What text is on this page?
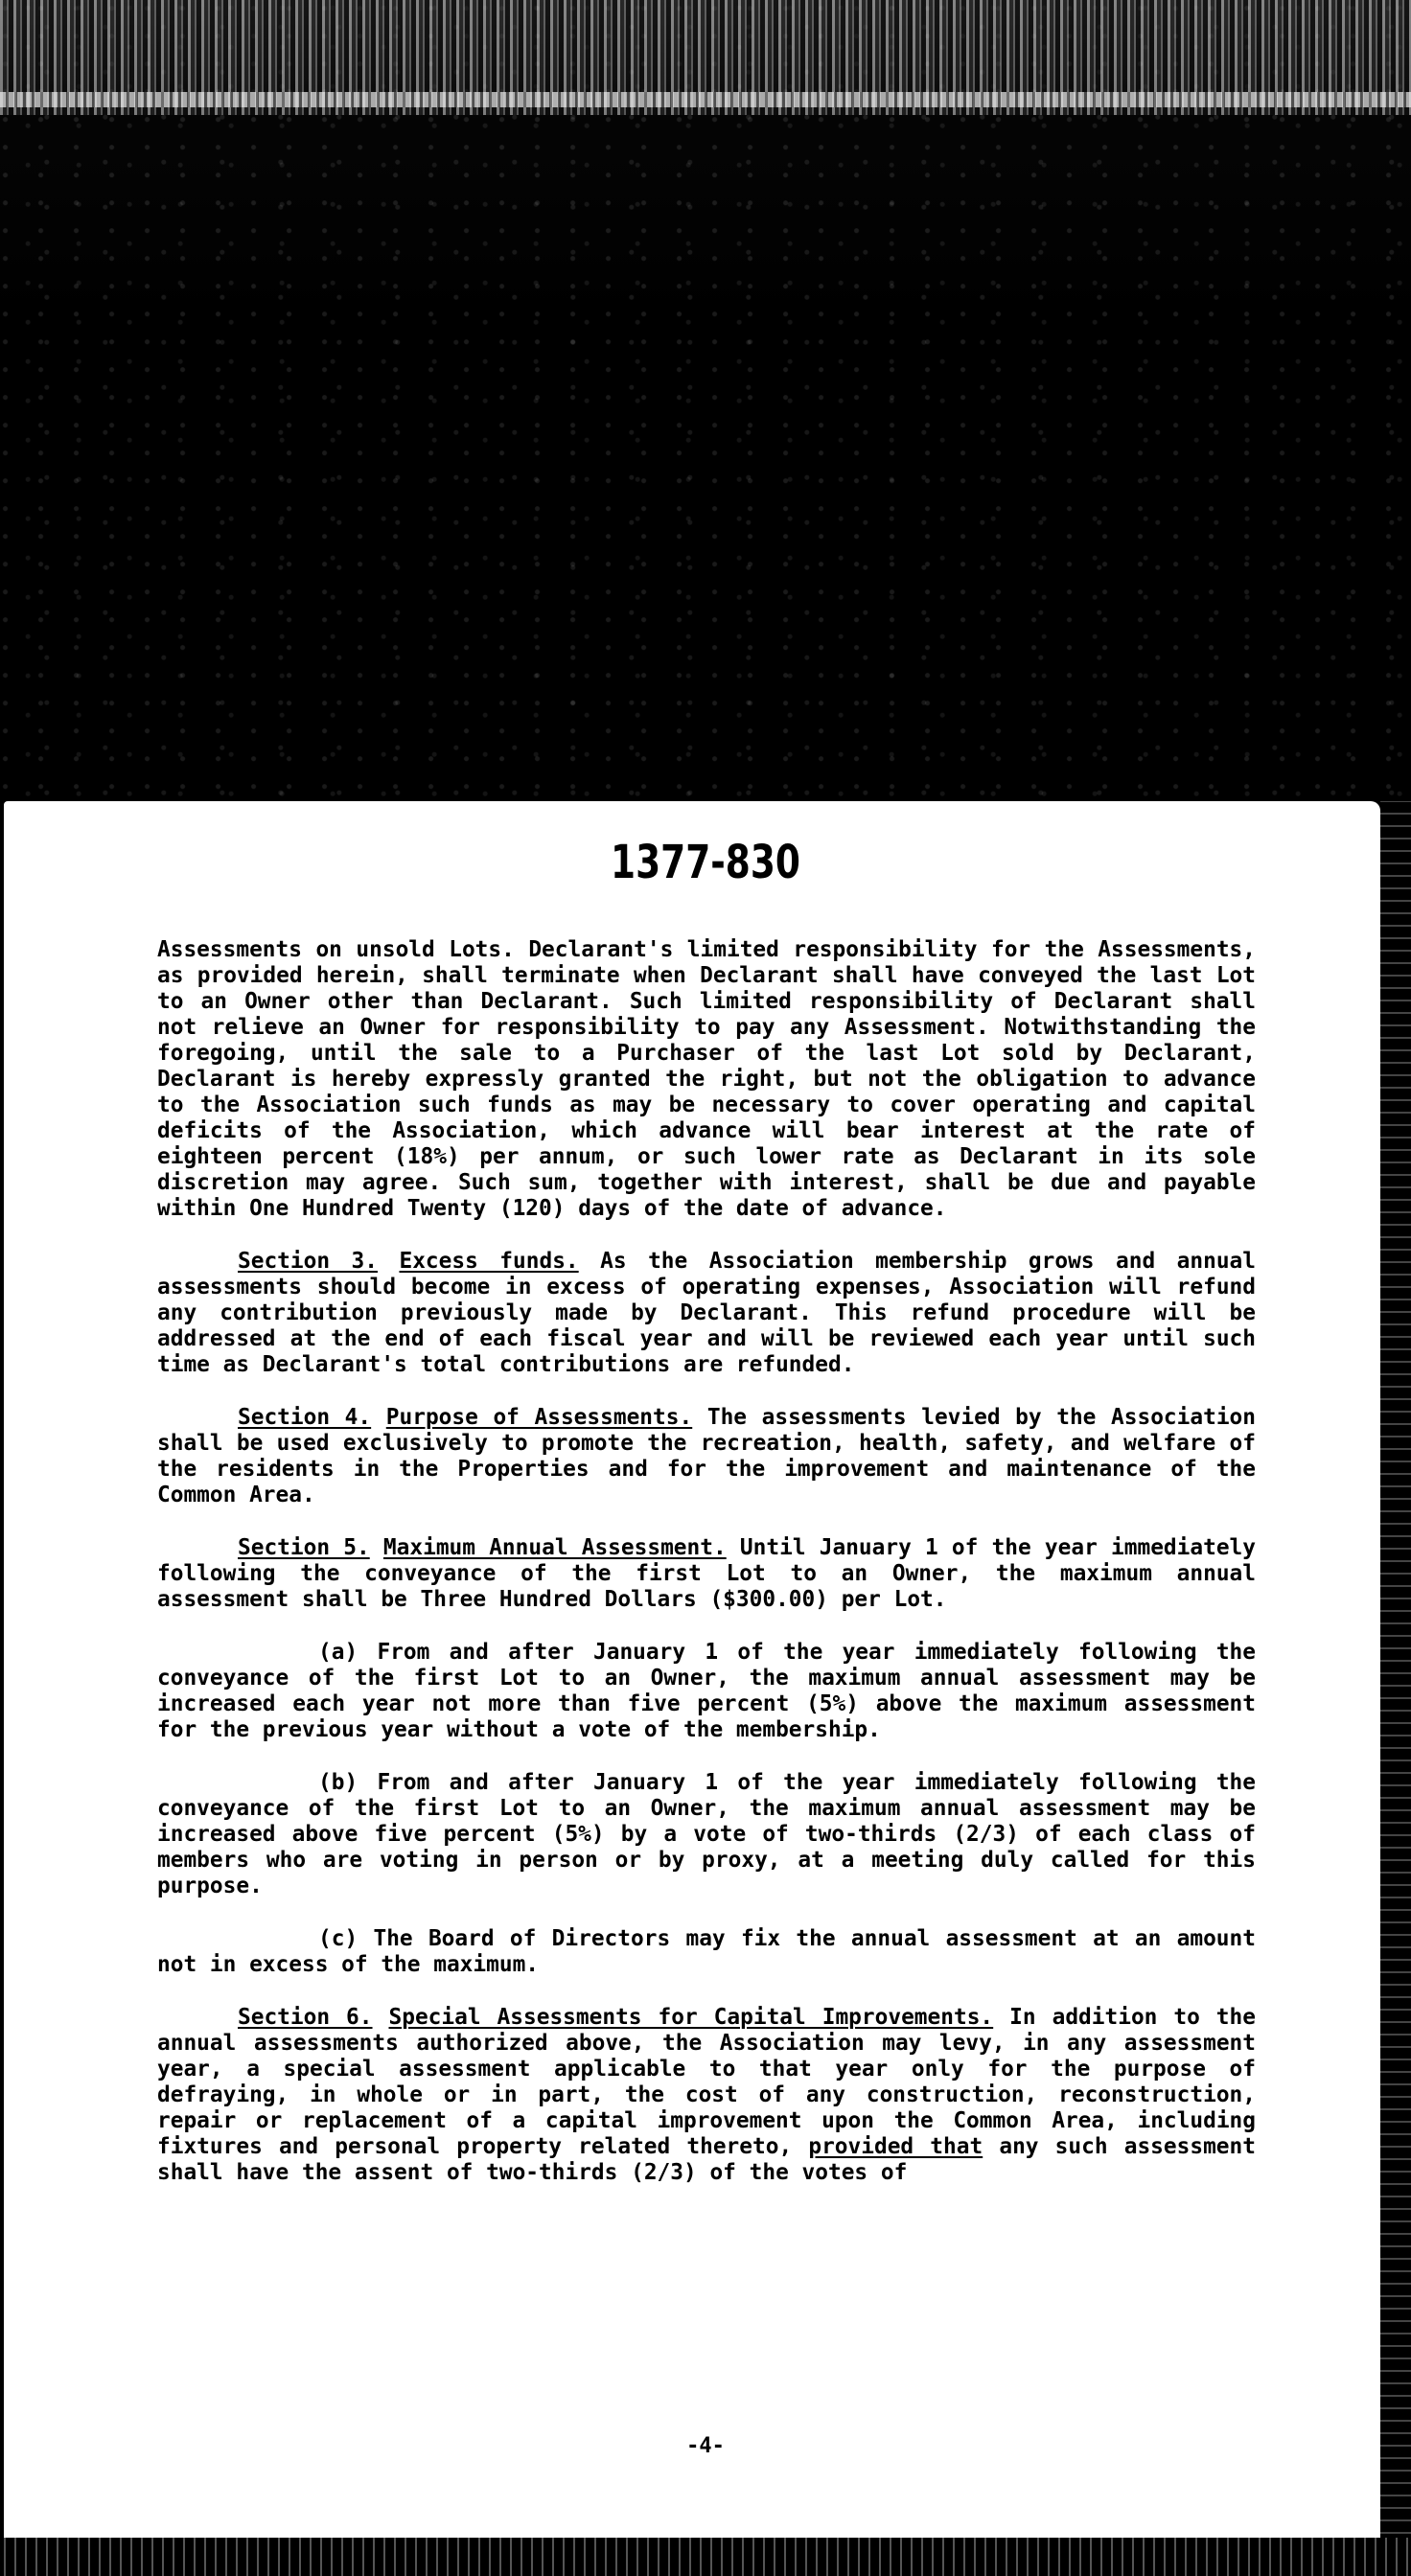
1377-830

Assessments on unsold Lots. Declarant's limited responsibility for the Assessments, as provided herein, shall terminate when Declarant shall have conveyed the last Lot to an Owner other than Declarant. Such limited responsibility of Declarant shall not relieve an Owner for responsibility to pay any Assessment. Notwithstanding the foregoing, until the sale to a Purchaser of the last Lot sold by Declarant, Declarant is hereby expressly granted the right, but not the obligation to advance to the Association such funds as may be necessary to cover operating and capital deficits of the Association, which advance will bear interest at the rate of eighteen percent (18%) per annum, or such lower rate as Declarant in its sole discretion may agree. Such sum, together with interest, shall be due and payable within One Hundred Twenty (120) days of the date of advance.

Section 3. Excess funds. As the Association membership grows and annual assessments should become in excess of operating expenses, Association will refund any contribution previously made by Declarant. This refund procedure will be addressed at the end of each fiscal year and will be reviewed each year until such time as Declarant's total contributions are refunded.

Section 4. Purpose of Assessments. The assessments levied by the Association shall be used exclusively to promote the recreation, health, safety, and welfare of the residents in the Properties and for the improvement and maintenance of the Common Area.

Section 5. Maximum Annual Assessment. Until January 1 of the year immediately following the conveyance of the first Lot to an Owner, the maximum annual assessment shall be Three Hundred Dollars ($300.00) per Lot.

(a) From and after January 1 of the year immediately following the conveyance of the first Lot to an Owner, the maximum annual assessment may be increased each year not more than five percent (5%) above the maximum assessment for the previous year without a vote of the membership.

(b) From and after January 1 of the year immediately following the conveyance of the first Lot to an Owner, the maximum annual assessment may be increased above five percent (5%) by a vote of two-thirds (2/3) of each class of members who are voting in person or by proxy, at a meeting duly called for this purpose.

(c) The Board of Directors may fix the annual assessment at an amount not in excess of the maximum.

Section 6. Special Assessments for Capital Improvements. In addition to the annual assessments authorized above, the Association may levy, in any assessment year, a special assessment applicable to that year only for the purpose of defraying, in whole or in part, the cost of any construction, reconstruction, repair or replacement of a capital improvement upon the Common Area, including fixtures and personal property related thereto, provided that any such assessment shall have the assent of two-thirds (2/3) of the votes of

-4-
